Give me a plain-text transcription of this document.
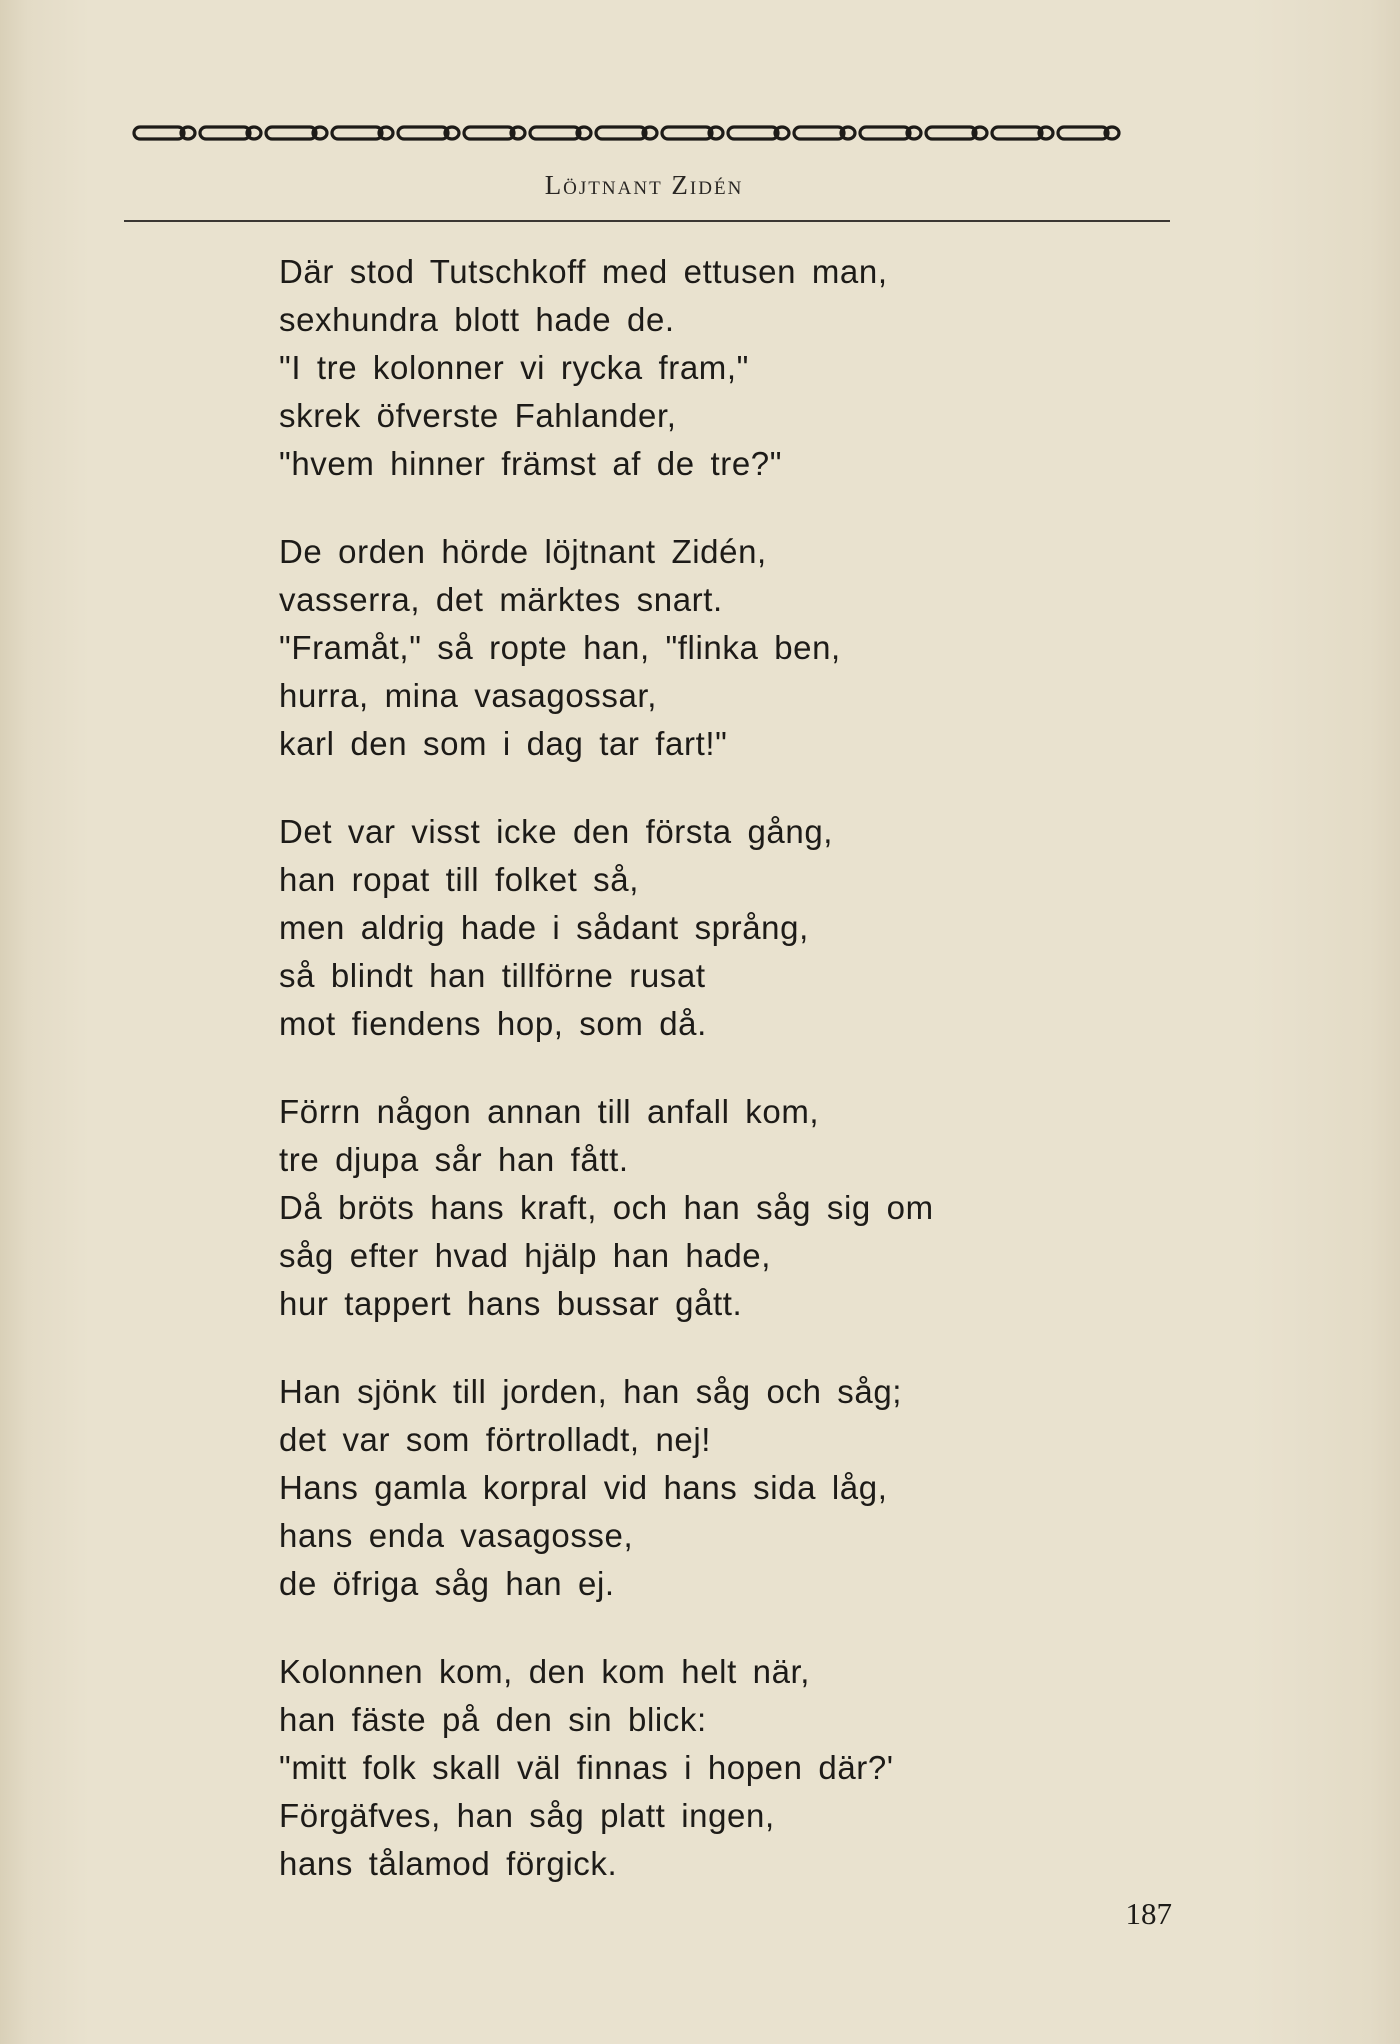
Löjtnant Zidén
Där stod Tutschkoff med ettusen man,
sexhundra blott hade de.
"I tre kolonner vi rycka fram,"
skrek öfverste Fahlander,
"hvem hinner främst af de tre?"
De orden hörde löjtnant Zidén,
vasserra, det märktes snart.
"Framåt," så ropte han, "flinka ben,
hurra, mina vasagossar,
karl den som i dag tar fart!"
Det var visst icke den första gång,
han ropat till folket så,
men aldrig hade i sådant språng,
så blindt han tillförne rusat
mot fiendens hop, som då.
Förrn någon annan till anfall kom,
tre djupa sår han fått.
Då bröts hans kraft, och han såg sig om
såg efter hvad hjälp han hade,
hur tappert hans bussar gått.
Han sjönk till jorden, han såg och såg;
det var som förtrolladt, nej!
Hans gamla korpral vid hans sida låg,
hans enda vasagosse,
de öfriga såg han ej.
Kolonnen kom, den kom helt när,
han fäste på den sin blick:
"mitt folk skall väl finnas i hopen där?'
Förgäfves, han såg platt ingen,
hans tålamod förgick.
187
